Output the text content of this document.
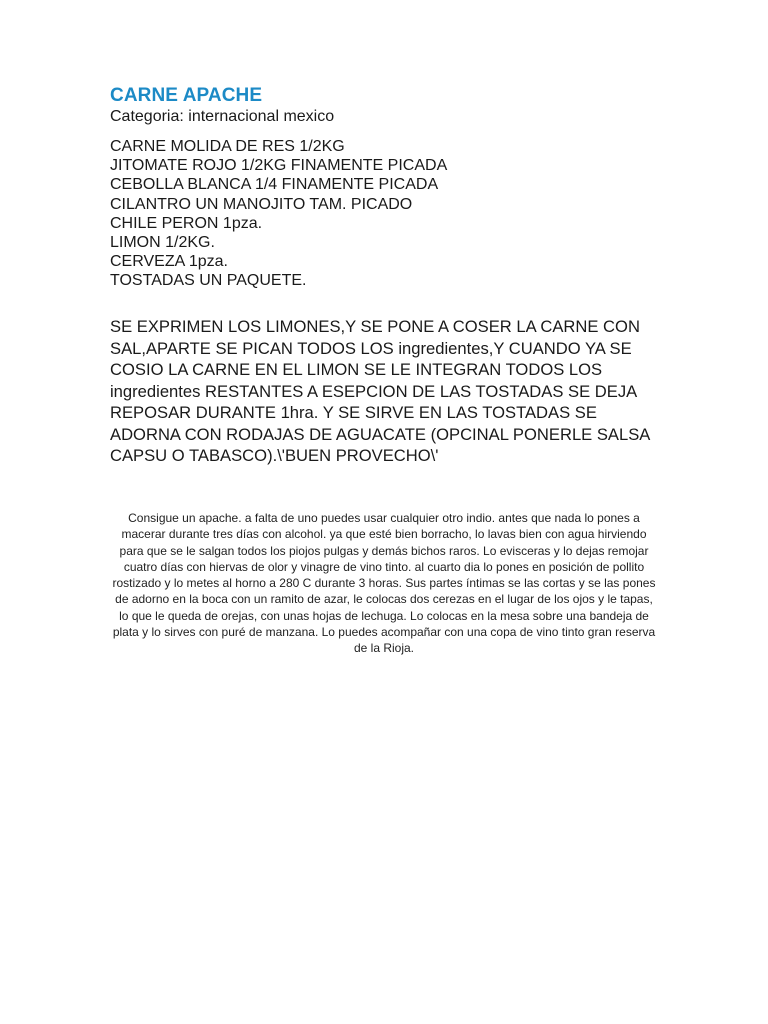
CARNE APACHE
Categoria: internacional mexico
CARNE MOLIDA DE RES 1/2KG
JITOMATE ROJO 1/2KG FINAMENTE PICADA
CEBOLLA BLANCA 1/4 FINAMENTE PICADA
CILANTRO UN MANOJITO TAM. PICADO
CHILE PERON 1pza.
LIMON 1/2KG.
CERVEZA 1pza.
TOSTADAS UN PAQUETE.

SE EXPRIMEN LOS LIMONES,Y SE PONE A COSER LA CARNE CON SAL,APARTE SE PICAN TODOS LOS ingredientes,Y CUANDO YA SE COSIO LA CARNE EN EL LIMON SE LE INTEGRAN TODOS LOS ingredientes RESTANTES A ESEPCION DE LAS TOSTADAS SE DEJA REPOSAR DURANTE 1hra. Y SE SIRVE EN LAS TOSTADAS SE ADORNA CON RODAJAS DE AGUACATE (OPCINAL PONERLE SALSA CAPSU O TABASCO).\'BUEN PROVECHO\'

Consigue un apache. a falta de uno puedes usar cualquier otro indio. antes que nada lo pones a macerar durante tres días con alcohol. ya que esté bien borracho, lo lavas bien con agua hirviendo para que se le salgan todos los piojos pulgas y demás bichos raros. Lo evisceras y lo dejas remojar cuatro días con hiervas de olor y vinagre de vino tinto. al cuarto dia lo pones en posición de pollito rostizado y lo metes al horno a 280 C durante 3 horas. Sus partes íntimas se las cortas y se las pones de adorno en la boca con un ramito de azar, le colocas dos cerezas en el lugar de los ojos y le tapas, lo que le queda de orejas, con unas hojas de lechuga. Lo colocas en la mesa sobre una bandeja de plata y lo sirves con puré de manzana. Lo puedes acompañar con una copa de vino tinto gran reserva de la Rioja.
